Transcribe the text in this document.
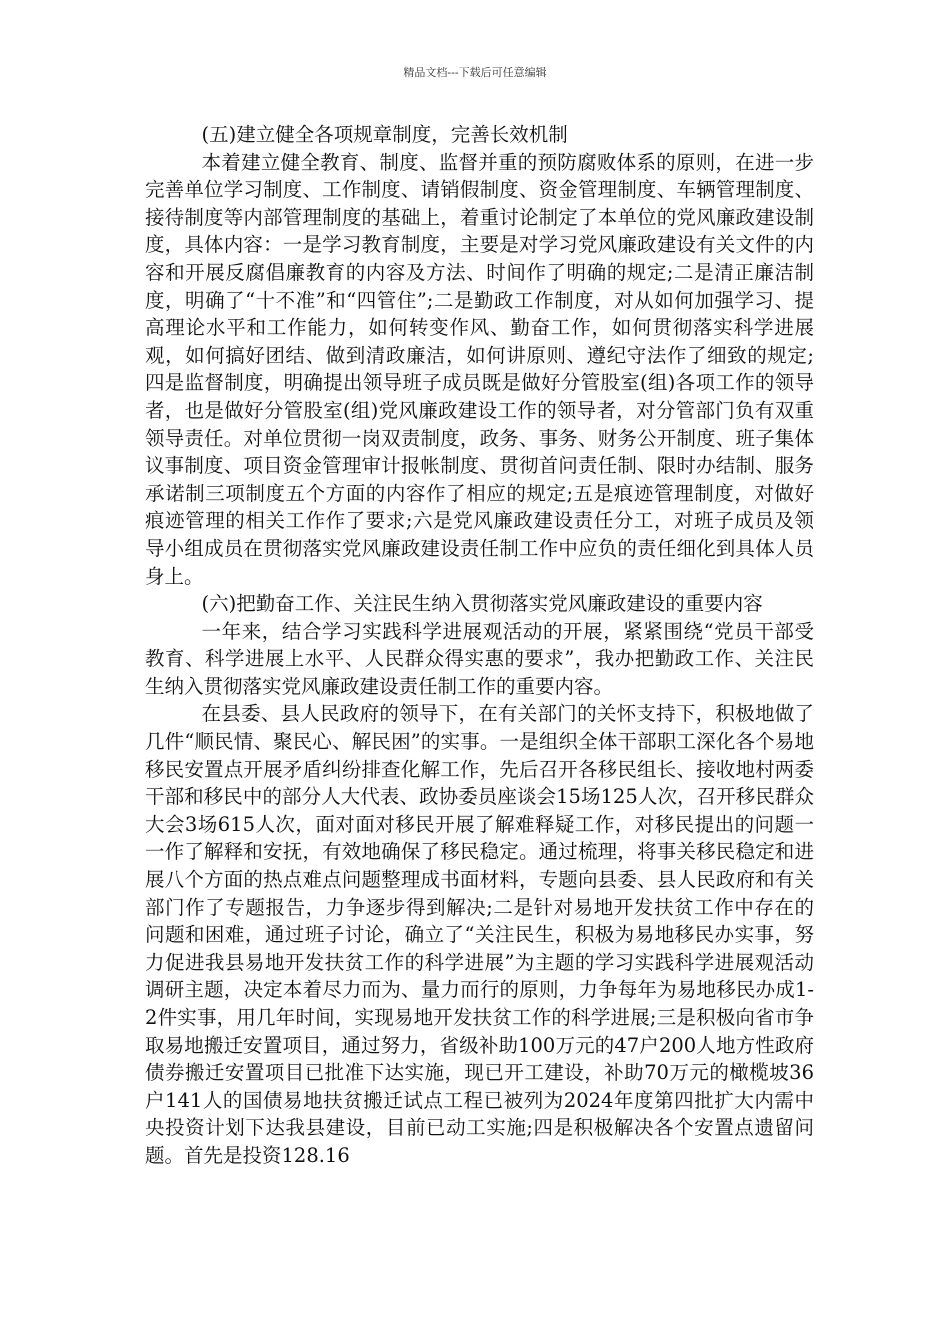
精品文档---下载后可任意编辑

(五)建立健全各项规章制度，完善长效机制

本着建立健全教育、制度、监督并重的预防腐败体系的原则，在进一步完善单位学习制度、工作制度、请销假制度、资金管理制度、车辆管理制度、接待制度等内部管理制度的基础上，着重讨论制定了本单位的党风廉政建设制度，具体内容：一是学习教育制度，主要是对学习党风廉政建设有关文件的内容和开展反腐倡廉教育的内容及方法、时间作了明确的规定;二是清正廉洁制度，明确了“十不准”和“四管住”;二是勤政工作制度，对从如何加强学习、提高理论水平和工作能力，如何转变作风、勤奋工作，如何贯彻落实科学进展观，如何搞好团结、做到清政廉洁，如何讲原则、遵纪守法作了细致的规定;四是监督制度，明确提出领导班子成员既是做好分管股室(组)各项工作的领导者，也是做好分管股室(组)党风廉政建设工作的领导者，对分管部门负有双重领导责任。对单位贯彻一岗双责制度，政务、事务、财务公开制度、班子集体议事制度、项目资金管理审计报帐制度、贯彻首问责任制、限时办结制、服务承诺制三项制度五个方面的内容作了相应的规定;五是痕迹管理制度，对做好痕迹管理的相关工作作了要求;六是党风廉政建设责任分工，对班子成员及领导小组成员在贯彻落实党风廉政建设责任制工作中应负的责任细化到具体人员身上。

(六)把勤奋工作、关注民生纳入贯彻落实党风廉政建设的重要内容

一年来，结合学习实践科学进展观活动的开展，紧紧围绕“党员干部受教育、科学进展上水平、人民群众得实惠的要求”，我办把勤政工作、关注民生纳入贯彻落实党风廉政建设责任制工作的重要内容。

在县委、县人民政府的领导下，在有关部门的关怀支持下，积极地做了几件“顺民情、聚民心、解民困”的实事。一是组织全体干部职工深化各个易地移民安置点开展矛盾纠纷排查化解工作，先后召开各移民组长、接收地村两委干部和移民中的部分人大代表、政协委员座谈会15场125人次，召开移民群众大会3场615人次，面对面对移民开展了解难释疑工作，对移民提出的问题一一作了解释和安抚，有效地确保了移民稳定。通过梳理，将事关移民稳定和进展八个方面的热点难点问题整理成书面材料，专题向县委、县人民政府和有关部门作了专题报告，力争逐步得到解决;二是针对易地开发扶贫工作中存在的问题和困难，通过班子讨论，确立了“关注民生，积极为易地移民办实事，努力促进我县易地开发扶贫工作的科学进展”为主题的学习实践科学进展观活动调研主题，决定本着尽力而为、量力而行的原则，力争每年为易地移民办成1-2件实事，用几年时间，实现易地开发扶贫工作的科学进展;三是积极向省市争取易地搬迁安置项目，通过努力，省级补助100万元的47户200人地方性政府债券搬迁安置项目已批准下达实施，现已开工建设，补助70万元的橄榄坡36户141人的国债易地扶贫搬迁试点工程已被列为2024年度第四批扩大内需中央投资计划下达我县建设，目前已动工实施;四是积极解决各个安置点遗留问题。首先是投资128.16
